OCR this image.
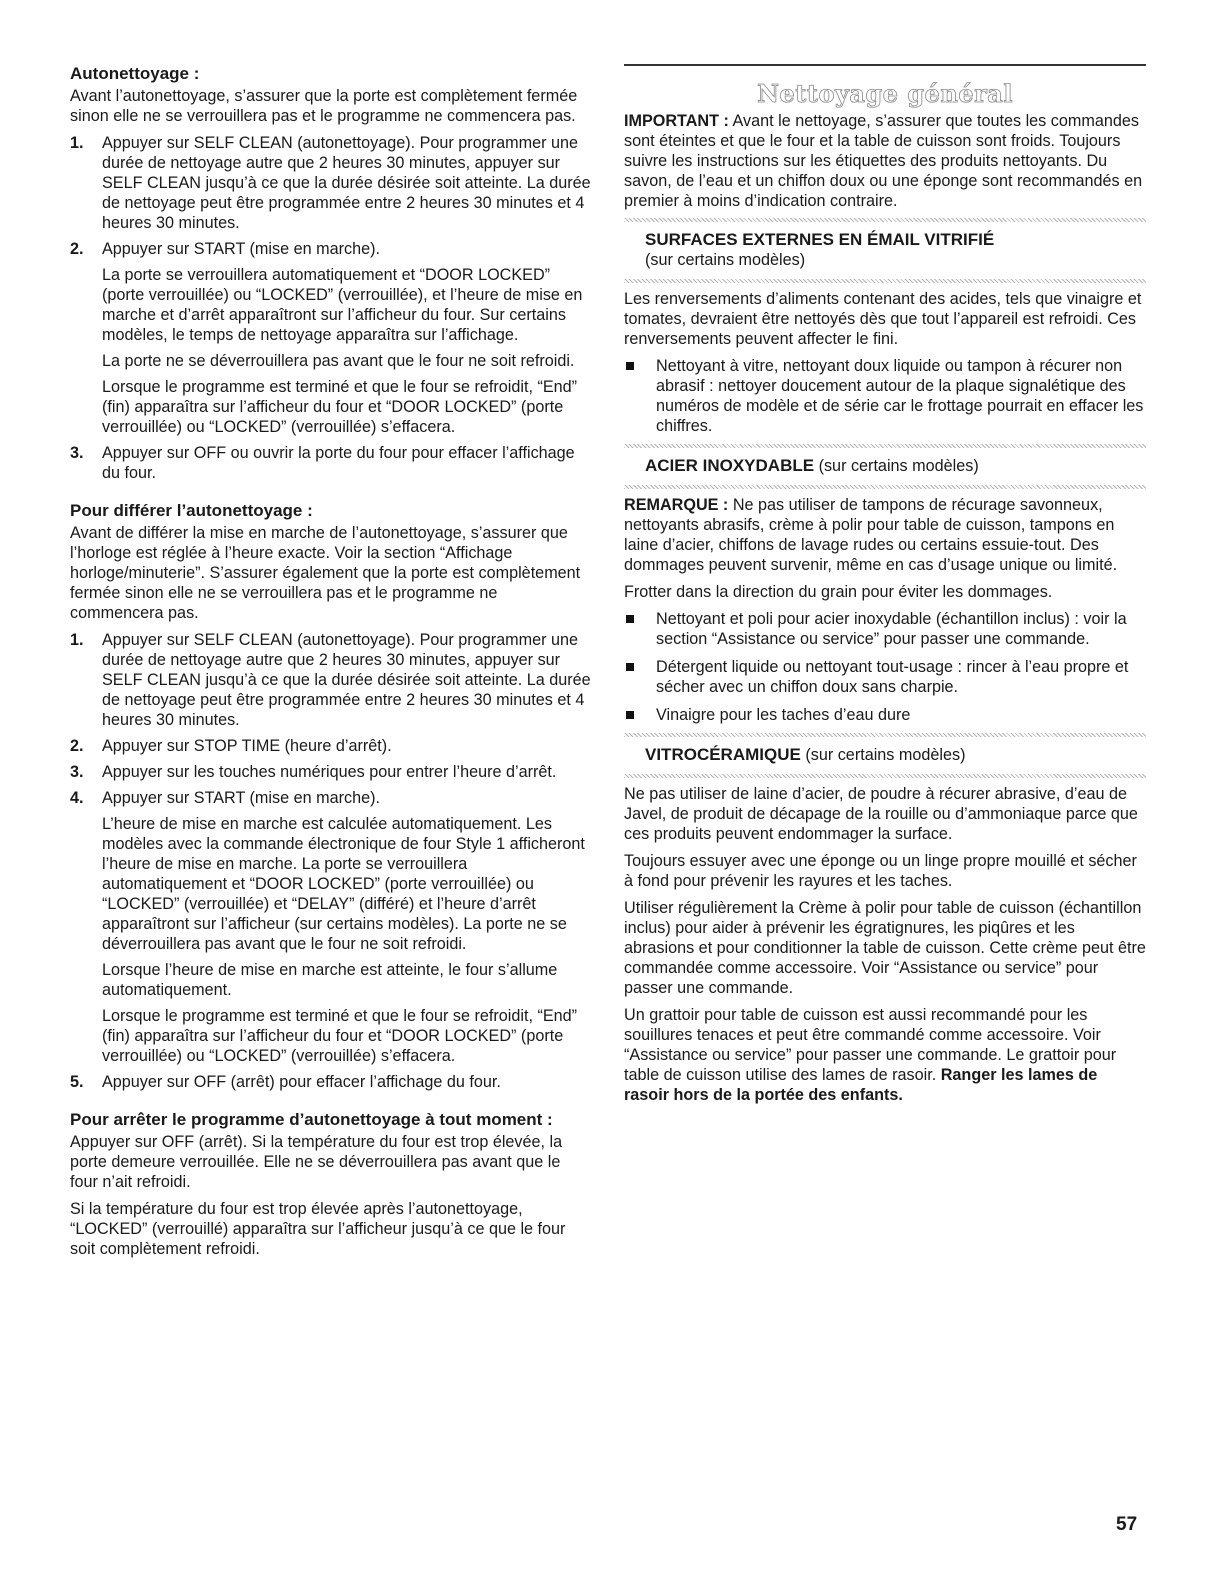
Autonettoyage :

Avant l’autonettoyage, s’assurer que la porte est complètement fermée sinon elle ne se verrouillera pas et le programme ne commencera pas.

1. Appuyer sur SELF CLEAN (autonettoyage). Pour programmer une durée de nettoyage autre que 2 heures 30 minutes, appuyer sur SELF CLEAN jusqu’à ce que la durée désirée soit atteinte. La durée de nettoyage peut être programmée entre 2 heures 30 minutes et 4 heures 30 minutes.

2. Appuyer sur START (mise en marche).

La porte se verrouillera automatiquement et “DOOR LOCKED” (porte verrouillée) ou “LOCKED” (verrouillée), et l’heure de mise en marche et d’arrêt apparaîtront sur l’afficheur du four. Sur certains modèles, le temps de nettoyage apparaîtra sur l’affichage.

La porte ne se déverrouillera pas avant que le four ne soit refroidi.

Lorsque le programme est terminé et que le four se refroidit, “End” (fin) apparaîtra sur l’afficheur du four et “DOOR LOCKED” (porte verrouillée) ou “LOCKED” (verrouillée) s’effacera.

3. Appuyer sur OFF ou ouvrir la porte du four pour effacer l’affichage du four.

Pour différer l’autonettoyage :

Avant de différer la mise en marche de l’autonettoyage, s’assurer que l’horloge est réglée à l’heure exacte. Voir la section “Affichage horloge/minuterie”. S’assurer également que la porte est complètement fermée sinon elle ne se verrouillera pas et le programme ne commencera pas.

1. Appuyer sur SELF CLEAN (autonettoyage). Pour programmer une durée de nettoyage autre que 2 heures 30 minutes, appuyer sur SELF CLEAN jusqu’à ce que la durée désirée soit atteinte. La durée de nettoyage peut être programmée entre 2 heures 30 minutes et 4 heures 30 minutes.

2. Appuyer sur STOP TIME (heure d’arrêt).

3. Appuyer sur les touches numériques pour entrer l’heure d’arrêt.

4. Appuyer sur START (mise en marche).

L’heure de mise en marche est calculée automatiquement. Les modèles avec la commande électronique de four Style 1 afficheront l’heure de mise en marche. La porte se verrouillera automatiquement et “DOOR LOCKED” (porte verrouillée) ou “LOCKED” (verrouillée) et “DELAY” (différé) et l’heure d’arrêt apparaîtront sur l’afficheur (sur certains modèles). La porte ne se déverrouillera pas avant que le four ne soit refroidi.

Lorsque l’heure de mise en marche est atteinte, le four s’allume automatiquement.

Lorsque le programme est terminé et que le four se refroidit, “End” (fin) apparaîtra sur l’afficheur du four et “DOOR LOCKED” (porte verrouillée) ou “LOCKED” (verrouillée) s’effacera.

5. Appuyer sur OFF (arrêt) pour effacer l’affichage du four.

Pour arrêter le programme d’autonettoyage à tout moment :

Appuyer sur OFF (arrêt). Si la température du four est trop élevée, la porte demeure verrouillée. Elle ne se déverrouillera pas avant que le four n’ait refroidi.

Si la température du four est trop élevée après l’autonettoyage, “LOCKED” (verrouillé) apparaîtra sur l’afficheur jusqu’à ce que le four soit complètement refroidi.

Nettoyage général

IMPORTANT : Avant le nettoyage, s’assurer que toutes les commandes sont éteintes et que le four et la table de cuisson sont froids. Toujours suivre les instructions sur les étiquettes des produits nettoyants. Du savon, de l’eau et un chiffon doux ou une éponge sont recommandés en premier à moins d’indication contraire.

SURFACES EXTERNES EN ÉMAIL VITRIFIÉ
(sur certains modèles)

Les renversements d’aliments contenant des acides, tels que vinaigre et tomates, devraient être nettoyés dès que tout l’appareil est refroidi. Ces renversements peuvent affecter le fini.

Nettoyant à vitre, nettoyant doux liquide ou tampon à récurer non abrasif : nettoyer doucement autour de la plaque signalétique des numéros de modèle et de série car le frottage pourrait en effacer les chiffres.
ACIER INOXYDABLE (sur certains modèles)

REMARQUE : Ne pas utiliser de tampons de récurage savonneux, nettoyants abrasifs, crème à polir pour table de cuisson, tampons en laine d’acier, chiffons de lavage rudes ou certains essuie-tout. Des dommages peuvent survenir, même en cas d’usage unique ou limité.

Frotter dans la direction du grain pour éviter les dommages.

Nettoyant et poli pour acier inoxydable (échantillon inclus) : voir la section “Assistance ou service” pour passer une commande.
Détergent liquide ou nettoyant tout-usage : rincer à l’eau propre et sécher avec un chiffon doux sans charpie.
Vinaigre pour les taches d’eau dure
VITROCÉRAMIQUE (sur certains modèles)

Ne pas utiliser de laine d’acier, de poudre à récurer abrasive, d’eau de Javel, de produit de décapage de la rouille ou d’ammoniaque parce que ces produits peuvent endommager la surface.

Toujours essuyer avec une éponge ou un linge propre mouillé et sécher à fond pour prévenir les rayures et les taches.

Utiliser régulièrement la Crème à polir pour table de cuisson (échantillon inclus) pour aider à prévenir les égratignures, les piqûres et les abrasions et pour conditionner la table de cuisson. Cette crème peut être commandée comme accessoire. Voir “Assistance ou service” pour passer une commande.

Un grattoir pour table de cuisson est aussi recommandé pour les souillures tenaces et peut être commandé comme accessoire. Voir “Assistance ou service” pour passer une commande. Le grattoir pour table de cuisson utilise des lames de rasoir. Ranger les lames de rasoir hors de la portée des enfants.

57
